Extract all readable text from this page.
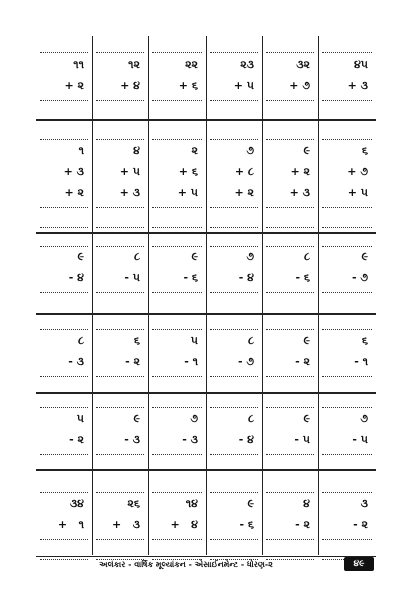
૧૧	૧૨	૨૨	૨૩	૩૨	૪૫
+ ૨	+ ૪	+ ૬	+ ૫	+ ૭	+ ૩
૧	૪	૨	૭	૯	૬
+ ૩	+ ૫	+ ૬	+ ૮	+ ૨	+ ૭
+ ૨	+ ૩	+ ૫	+ ૨	+ ૩	+ ૫
૯	૮	૯	૭	૮	૯
- ૪	- ૫	- ૬	- ૪	- ૬	- ૭
૮	૬	૫	૮	૯	૬
- ૩	- ૨	- ૧	- ૭	- ૨	- ૧
૫	૯	૭	૮	૯	૭
- ૨	- ૩	- ૩	- ૪	- ૫	- ૫
૩૪	૨૬	૧૪	૯	૪	૩
+   ૧	+   ૩	+   ૪	- ૬	- ૨	- ૨
અલંકાર - વાર્ષિક મૂલ્યાંકન - એસાઈનમેન્ટ - ધોરણ-૨	૪૯
